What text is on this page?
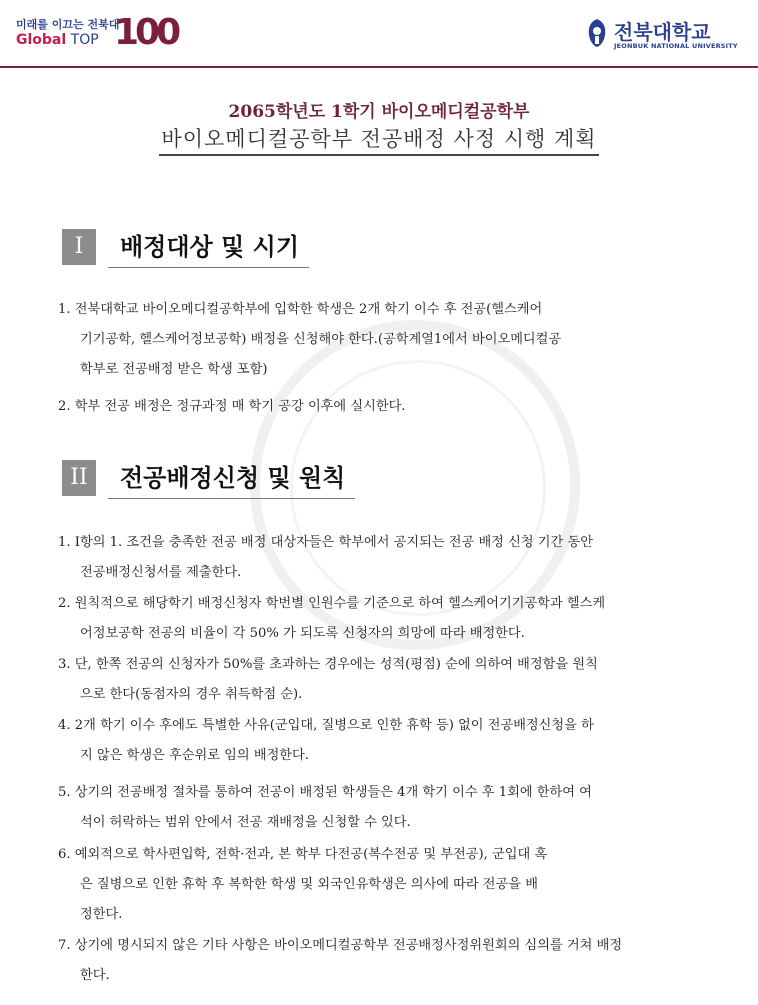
미래를 이끄는 전북대
Global TOP 100	전북대학교
JEONBUK NATIONAL UNIVERSITY
2065학년도 1학기 바이오메디컬공학부
바이오메디컬공학부 전공배정 사정 시행 계획
I	배정대상 및 시기
1. 전북대학교 바이오메디컬공학부에 입학한 학생은 2개 학기 이수 후 전공(헬스케어
기기공학, 헬스케어정보공학) 배정을 신청해야 한다.(공학계열1에서 바이오메디컬공
학부로 전공배정 받은 학생 포함)
2. 학부 전공 배정은 정규과정 매 학기 공강 이후에 실시한다.
II	전공배정신청 및 원칙
1. I항의 1. 조건을 충족한 전공 배정 대상자들은 학부에서 공지되는 전공 배정 신청 기간 동안
전공배정신청서를 제출한다.
2. 원칙적으로 해당학기 배정신청자 학번별 인원수를 기준으로 하여 헬스케어기기공학과 헬스케
어정보공학 전공의 비율이 각 50% 가 되도록 신청자의 희망에 따라 배정한다.
3. 단, 한쪽 전공의 신청자가 50%를 초과하는 경우에는 성적(평점) 순에 의하여 배정함을 원칙
으로 한다(동점자의 경우 취득학점 순).
4. 2개 학기 이수 후에도 특별한 사유(군입대, 질병으로 인한 휴학 등) 없이 전공배정신청을 하
지 않은 학생은 후순위로 임의 배정한다.
5. 상기의 전공배정 절차를 통하여 전공이 배정된 학생들은 4개 학기 이수 후 1회에 한하여 여
석이 허락하는 범위 안에서 전공 재배정을 신청할 수 있다.
6. 예외적으로 학사편입학, 전학·전과, 본 학부 다전공(복수전공 및 부전공), 군입대 혹
은 질병으로 인한 휴학 후 복학한 학생 및 외국인유학생은 의사에 따라 전공을 배
정한다.
7. 상기에 명시되지 않은 기타 사항은 바이오메디컬공학부 전공배정사정위원회의 심의를 거쳐 배정
한다.
